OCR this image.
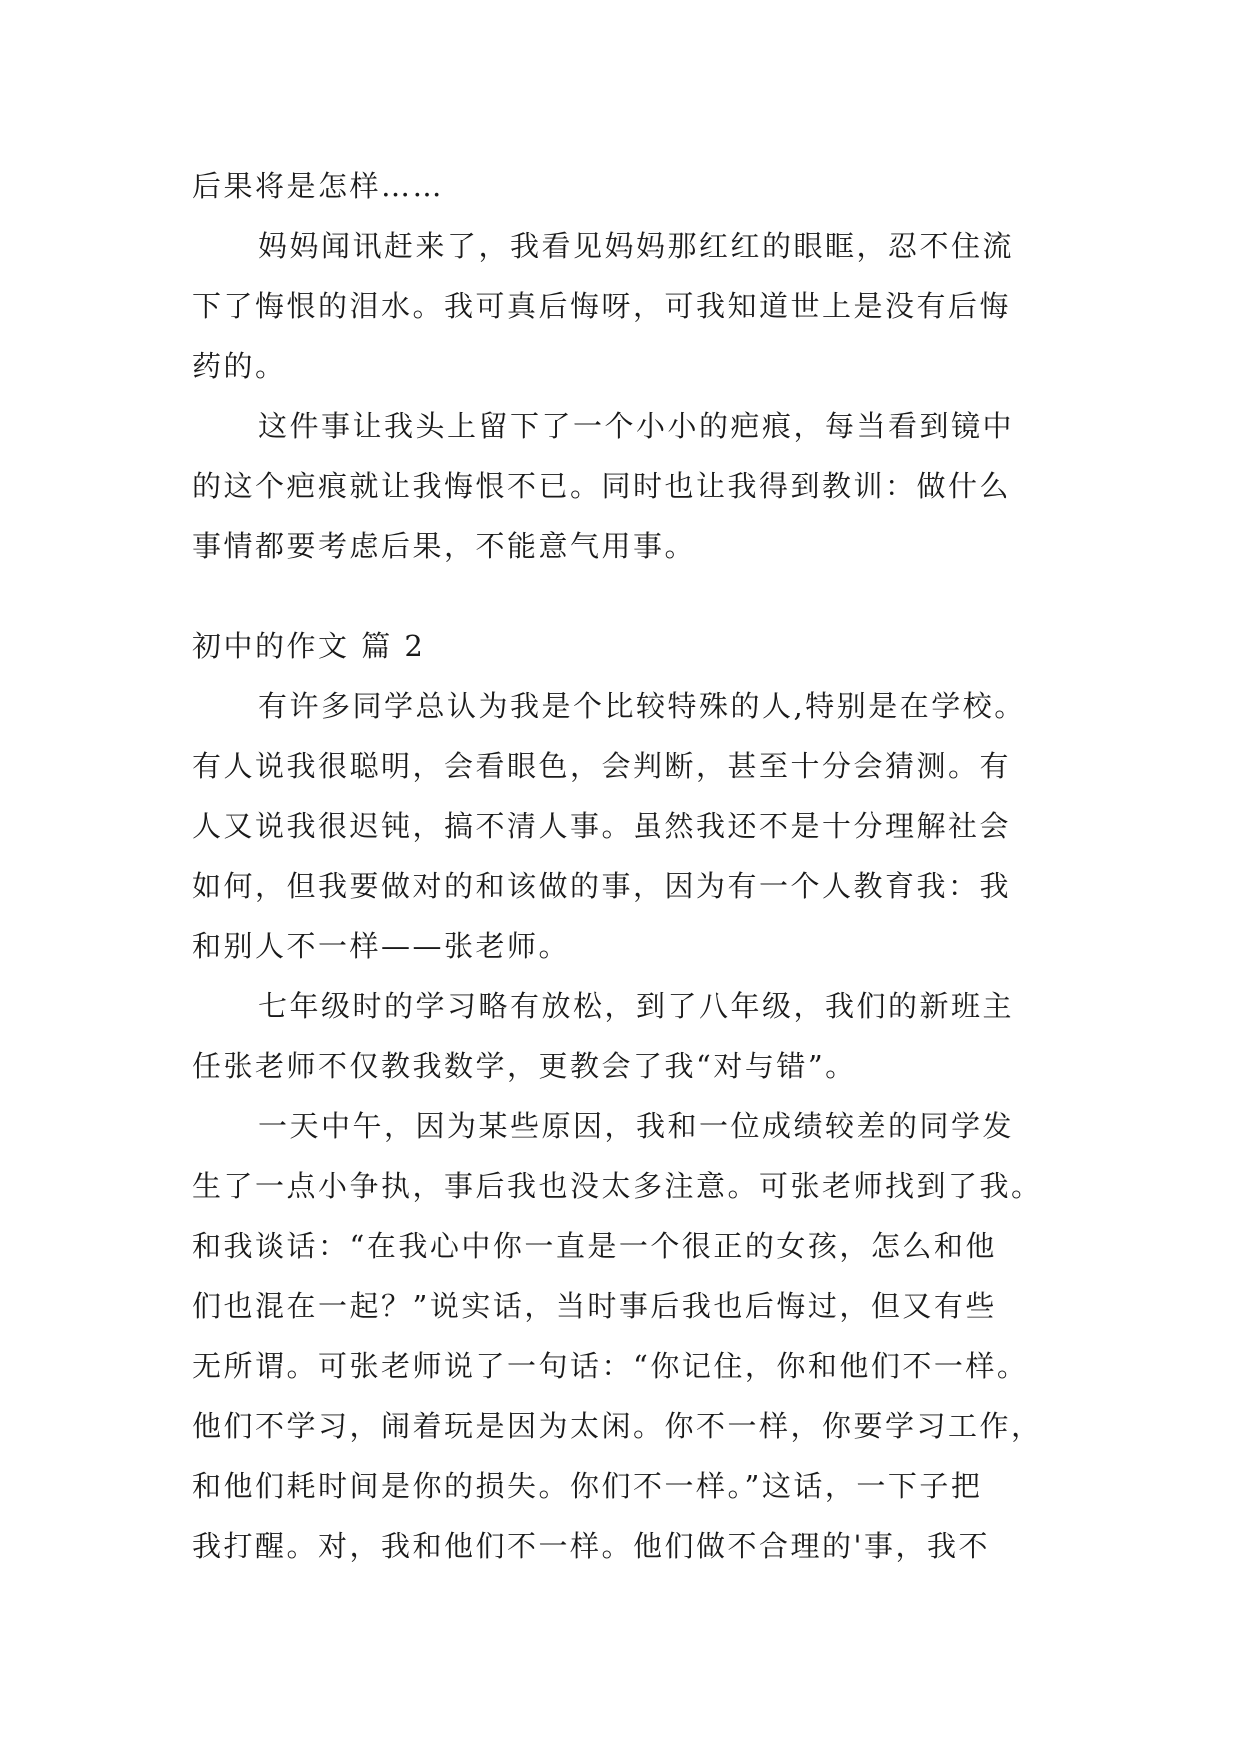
后果将是怎样……
妈妈闻讯赶来了，我看见妈妈那红红的眼眶，忍不住流
下了悔恨的泪水。我可真后悔呀，可我知道世上是没有后悔
药的。
这件事让我头上留下了一个小小的疤痕，每当看到镜中
的这个疤痕就让我悔恨不已。同时也让我得到教训：做什么
事情都要考虑后果，不能意气用事。
初中的作文 篇 2
有许多同学总认为我是个比较特殊的人,特别是在学校。
有人说我很聪明，会看眼色，会判断，甚至十分会猜测。有
人又说我很迟钝，搞不清人事。虽然我还不是十分理解社会
如何，但我要做对的和该做的事，因为有一个人教育我：我
和别人不一样——张老师。
七年级时的学习略有放松，到了八年级，我们的新班主
任张老师不仅教我数学，更教会了我“对与错”。
一天中午，因为某些原因，我和一位成绩较差的同学发
生了一点小争执，事后我也没太多注意。可张老师找到了我。
和我谈话：“在我心中你一直是一个很正的女孩，怎么和他
们也混在一起？”说实话，当时事后我也后悔过，但又有些
无所谓。可张老师说了一句话：“你记住，你和他们不一样。
他们不学习，闹着玩是因为太闲。你不一样，你要学习工作，
和他们耗时间是你的损失。你们不一样。”这话，一下子把
我打醒。对，我和他们不一样。他们做不合理的'事，我不
